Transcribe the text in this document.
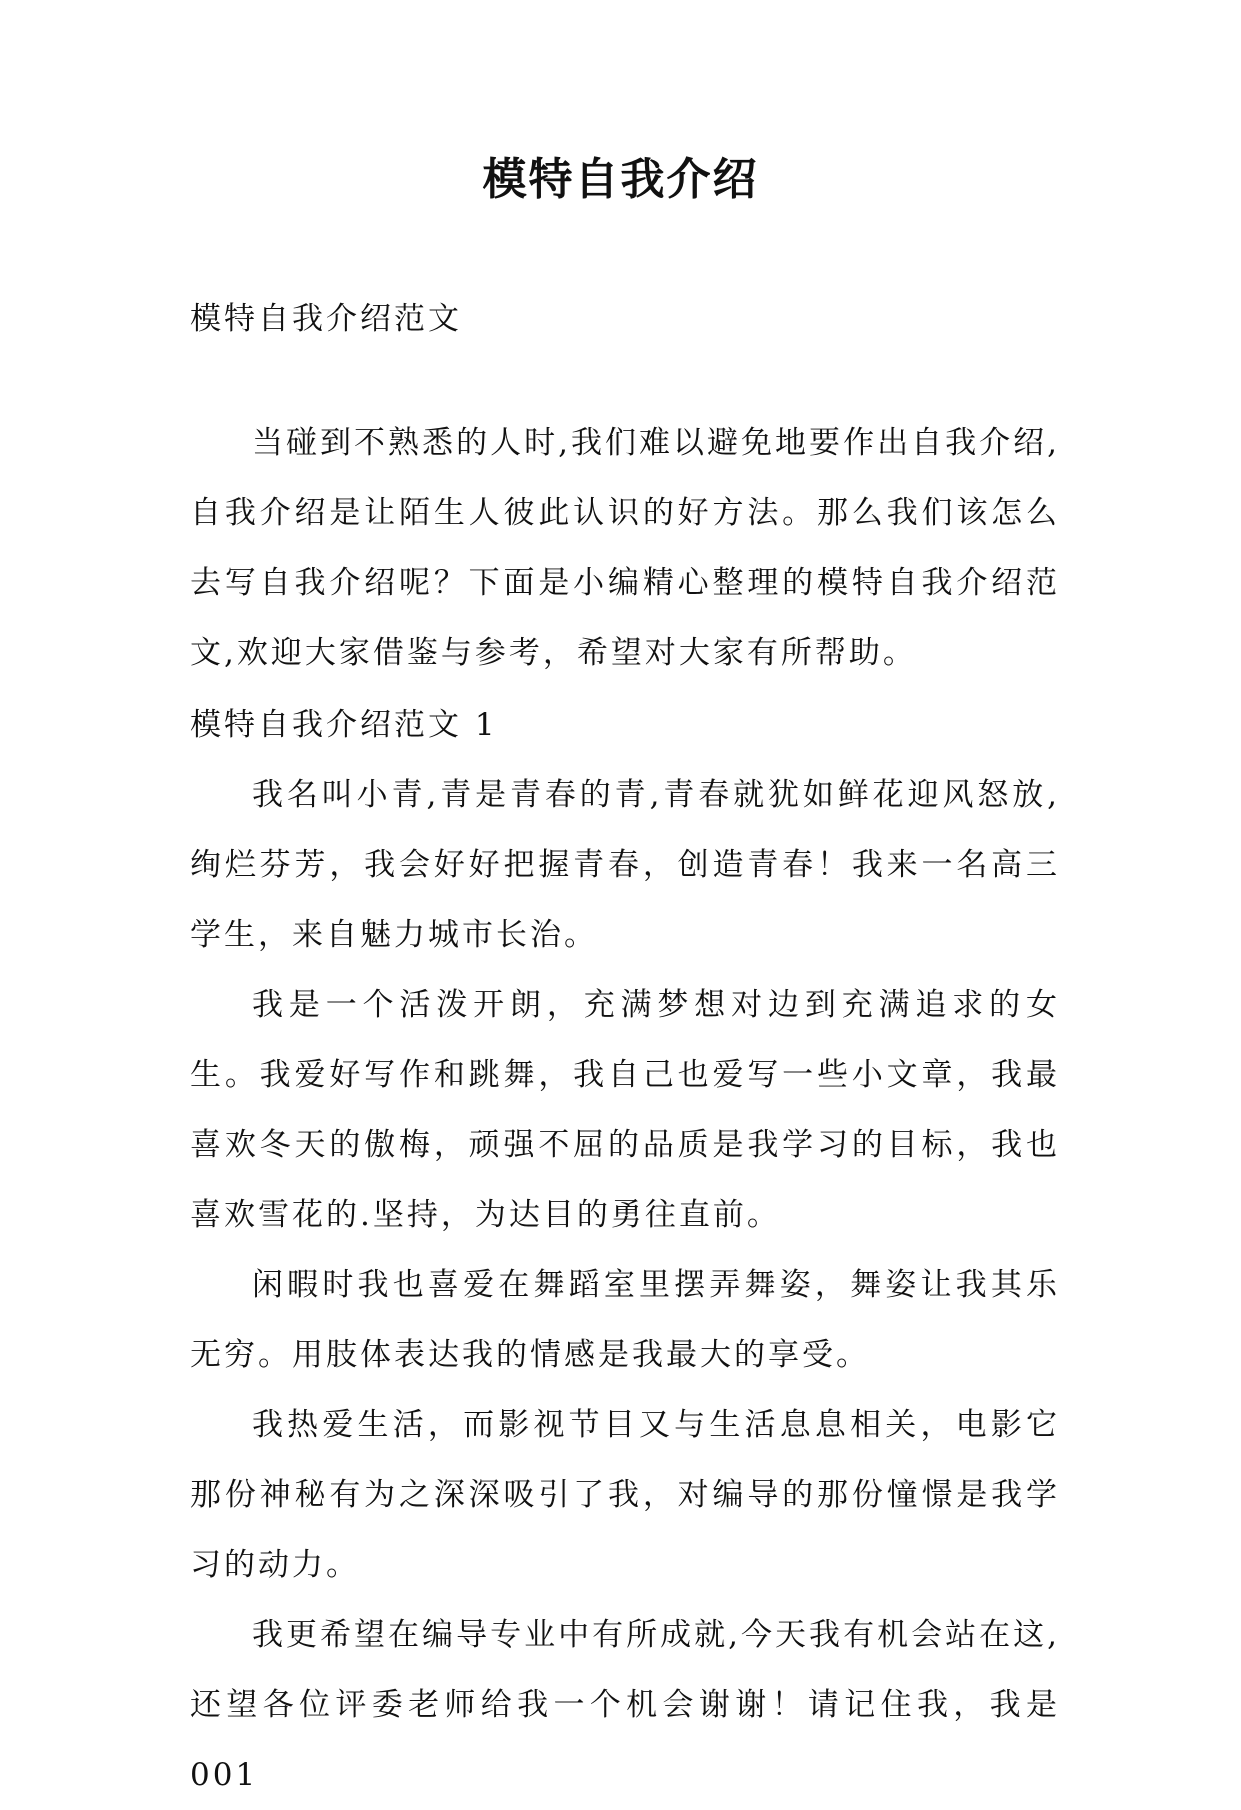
模特自我介绍

模特自我介绍范文

当碰到不熟悉的人时,我们难以避免地要作出自我介绍,自我介绍是让陌生人彼此认识的好方法。那么我们该怎么去写自我介绍呢？下面是小编精心整理的模特自我介绍范文,欢迎大家借鉴与参考，希望对大家有所帮助。

模特自我介绍范文 1

我名叫小青,青是青春的青,青春就犹如鲜花迎风怒放,绚烂芬芳，我会好好把握青春，创造青春！我来一名高三学生，来自魅力城市长治。

我是一个活泼开朗，充满梦想对边到充满追求的女生。我爱好写作和跳舞，我自己也爱写一些小文章，我最喜欢冬天的傲梅，顽强不屈的品质是我学习的目标，我也喜欢雪花的.坚持，为达目的勇往直前。

闲暇时我也喜爱在舞蹈室里摆弄舞姿，舞姿让我其乐无穷。用肢体表达我的情感是我最大的享受。

我热爱生活，而影视节目又与生活息息相关，电影它那份神秘有为之深深吸引了我，对编导的那份憧憬是我学习的动力。

我更希望在编导专业中有所成就,今天我有机会站在这,还望各位评委老师给我一个机会谢谢！请记住我，我是 001
